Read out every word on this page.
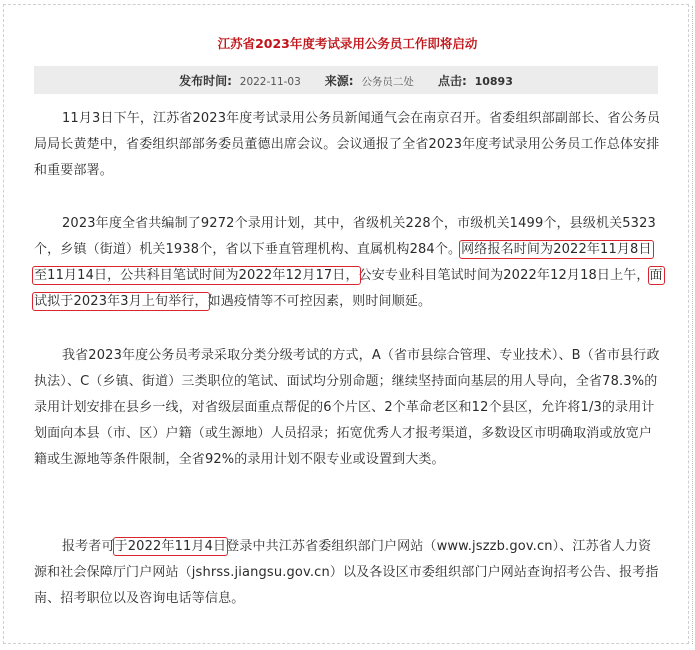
江苏省2023年度考试录用公务员工作即将启动
发布时间: 2022-11-03 来源: 公务员二处 点击: 10893
11月3日下午，江苏省2023年度考试录用公务员新闻通气会在南京召开。省委组织部副部长、省公务员局局长黄楚中，省委组织部部务委员董德出席会议。会议通报了全省2023年度考试录用公务员工作总体安排和重要部署。
2023年度全省共编制了9272个录用计划，其中，省级机关228个，市级机关1499个，县级机关5323个，乡镇（街道）机关1938个，省以下垂直管理机构、直属机构284个。网络报名时间为2022年11月8日至11月14日，公共科目笔试时间为2022年12月17日，公安专业科目笔试时间为2022年12月18日上午，面试拟于2023年3月上旬举行，如遇疫情等不可控因素，则时间顺延。
我省2023年度公务员考录采取分类分级考试的方式，A（省市县综合管理、专业技术）、B（省市县行政执法）、C（乡镇、街道）三类职位的笔试、面试均分别命题；继续坚持面向基层的用人导向，全省78.3%的录用计划安排在县乡一线，对省级层面重点帮促的6个片区、2个革命老区和12个县区，允许将1/3的录用计划面向本县（市、区）户籍（或生源地）人员招录；拓宽优秀人才报考渠道，多数设区市明确取消或放宽户籍或生源地等条件限制，全省92%的录用计划不限专业或设置到大类。
报考者可于2022年11月4日登录中共江苏省委组织部门户网站（www.jszzb.gov.cn）、江苏省人力资源和社会保障厅门户网站（jshrss.jiangsu.gov.cn）以及各设区市委组织部门户网站查询招考公告、报考指南、招考职位以及咨询电话等信息。
